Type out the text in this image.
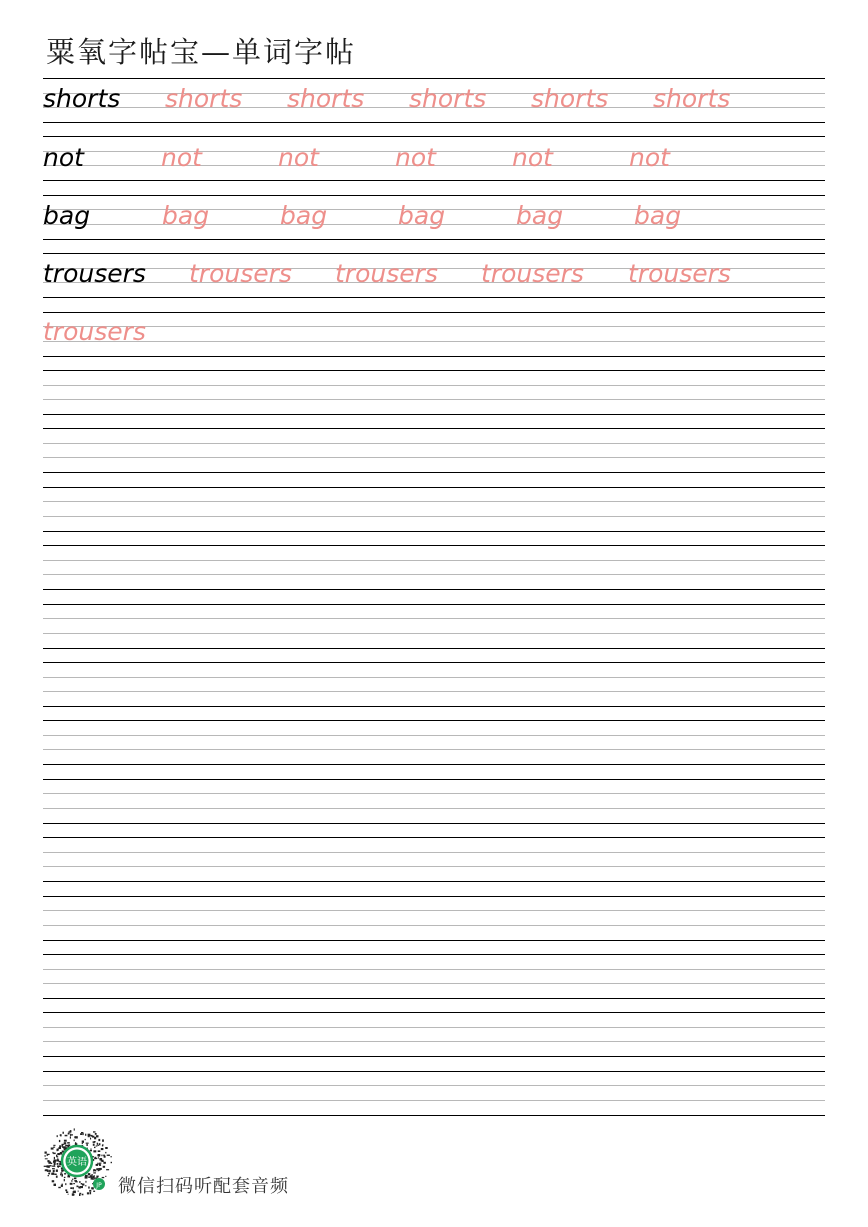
粟氧字帖宝—单词字帖
shorts shorts shorts shorts shorts shorts
not	not	not	not	not	not
bag	bag	bag	bag	bag	bag
trousers trousers trousers trousers trousers
trousers
英语
JP 微信扫码听配套音频
